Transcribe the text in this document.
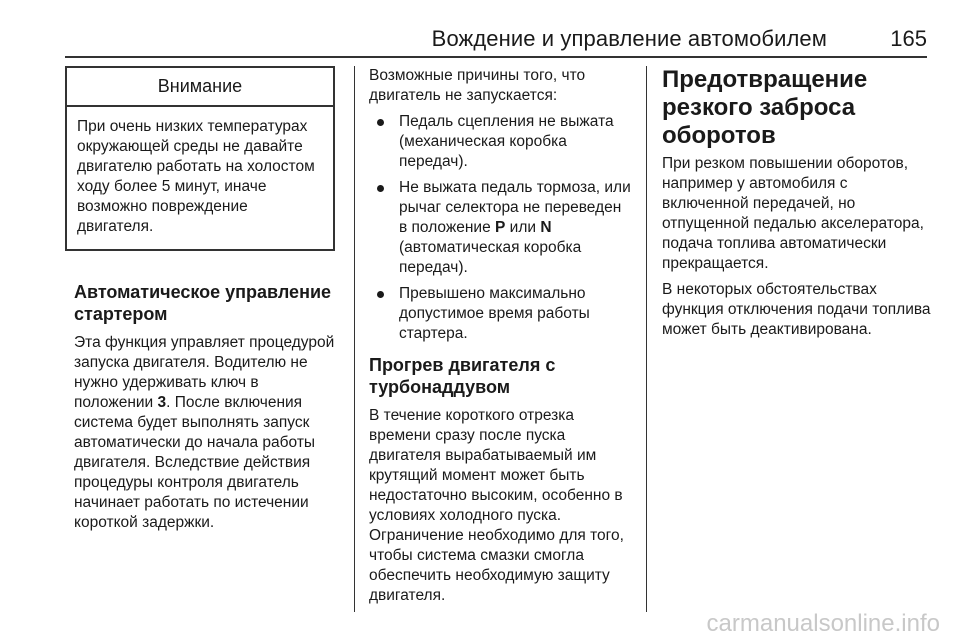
Вождение и управление автомобилем	165
Внимание
При очень низких температурах окружающей среды не давайте двигателю работать на холостом ходу более 5 минут, иначе возможно повреждение двигателя.
Автоматическое управление стартером

Эта функция управляет процедурой запуска двигателя. Водителю не нужно удерживать ключ в положении 3. После включения система будет выполнять запуск автоматически до начала работы двигателя. Вследствие действия процедуры контроля двигатель начинает работать по истечении короткой задержки.

Возможные причины того, что двигатель не запускается:

Педаль сцепления не выжата (механическая коробка передач).
Не выжата педаль тормоза, или рычаг селектора не переведен в положение P или N (автоматическая коробка передач).
Превышено максимально допустимое время работы стартера.
Прогрев двигателя с турбонаддувом

В течение короткого отрезка времени сразу после пуска двигателя вырабатываемый им крутящий момент может быть недостаточно высоким, особенно в условиях холодного пуска. Ограничение необходимо для того, чтобы система смазки смогла обеспечить необходимую защиту двигателя.

Предотвращение резкого заброса оборотов

При резком повышении оборотов, например у автомобиля с включенной передачей, но отпущенной педалью акселератора, подача топлива автоматически прекращается.

В некоторых обстоятельствах функция отключения подачи топлива может быть деактивирована.

carmanualsonline.info
